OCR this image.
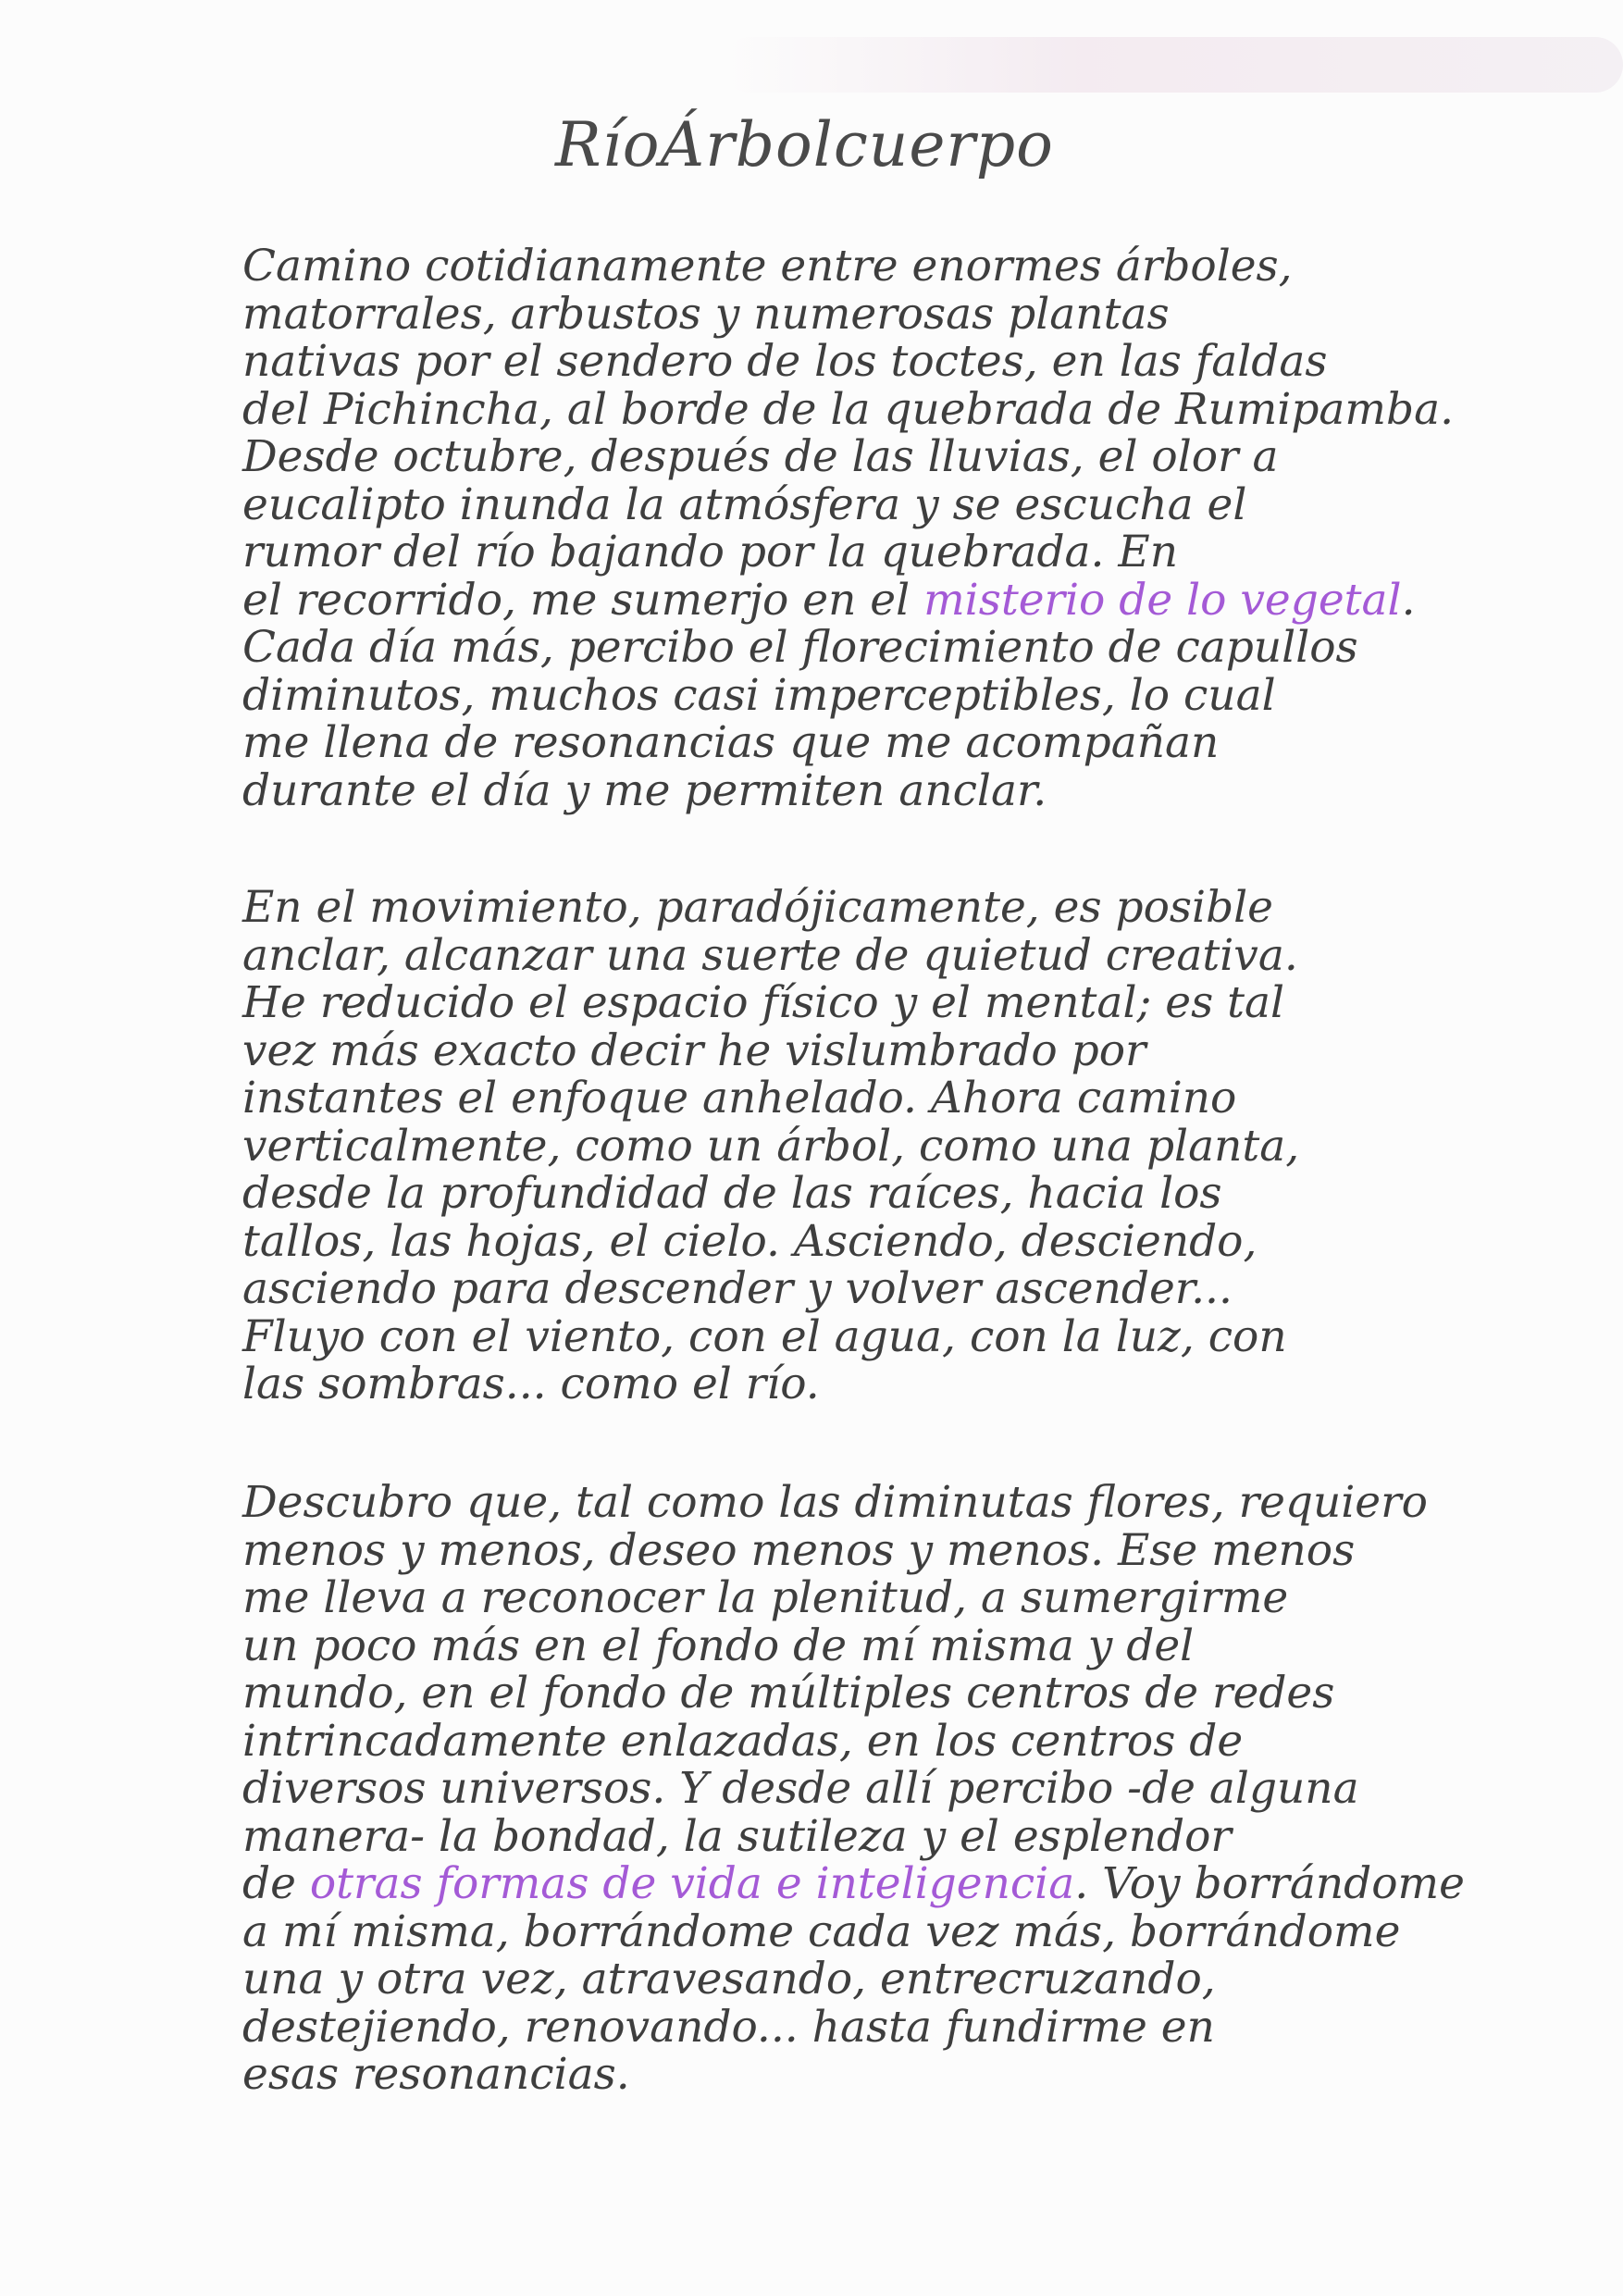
RíoÁrbolcuerpo
Camino cotidianamente entre enormes árboles,
matorrales, arbustos y numerosas plantas
nativas por el sendero de los toctes, en las faldas
del Pichincha, al borde de la quebrada de Rumipamba.
Desde octubre, después de las lluvias, el olor a
eucalipto inunda la atmósfera y se escucha el
rumor del río bajando por la quebrada. En
el recorrido, me sumerjo en el misterio de lo vegetal.
Cada día más, percibo el florecimiento de capullos
diminutos, muchos casi imperceptibles, lo cual
me llena de resonancias que me acompañan
durante el día y me permiten anclar.
En el movimiento, paradójicamente, es posible
anclar, alcanzar una suerte de quietud creativa.
He reducido el espacio físico y el mental; es tal
vez más exacto decir he vislumbrado por
instantes el enfoque anhelado. Ahora camino
verticalmente, como un árbol, como una planta,
desde la profundidad de las raíces, hacia los
tallos, las hojas, el cielo. Asciendo, desciendo,
asciendo para descender y volver ascender...
Fluyo con el viento, con el agua, con la luz, con
las sombras... como el río.
Descubro que, tal como las diminutas flores, requiero
menos y menos, deseo menos y menos. Ese menos
me lleva a reconocer la plenitud, a sumergirme
un poco más en el fondo de mí misma y del
mundo, en el fondo de múltiples centros de redes
intrincadamente enlazadas, en los centros de
diversos universos. Y desde allí percibo -de alguna
manera- la bondad, la sutileza y el esplendor
de otras formas de vida e inteligencia. Voy borrándome
a mí misma, borrándome cada vez más, borrándome
una y otra vez, atravesando, entrecruzando,
destejiendo, renovando... hasta fundirme en
esas resonancias.
